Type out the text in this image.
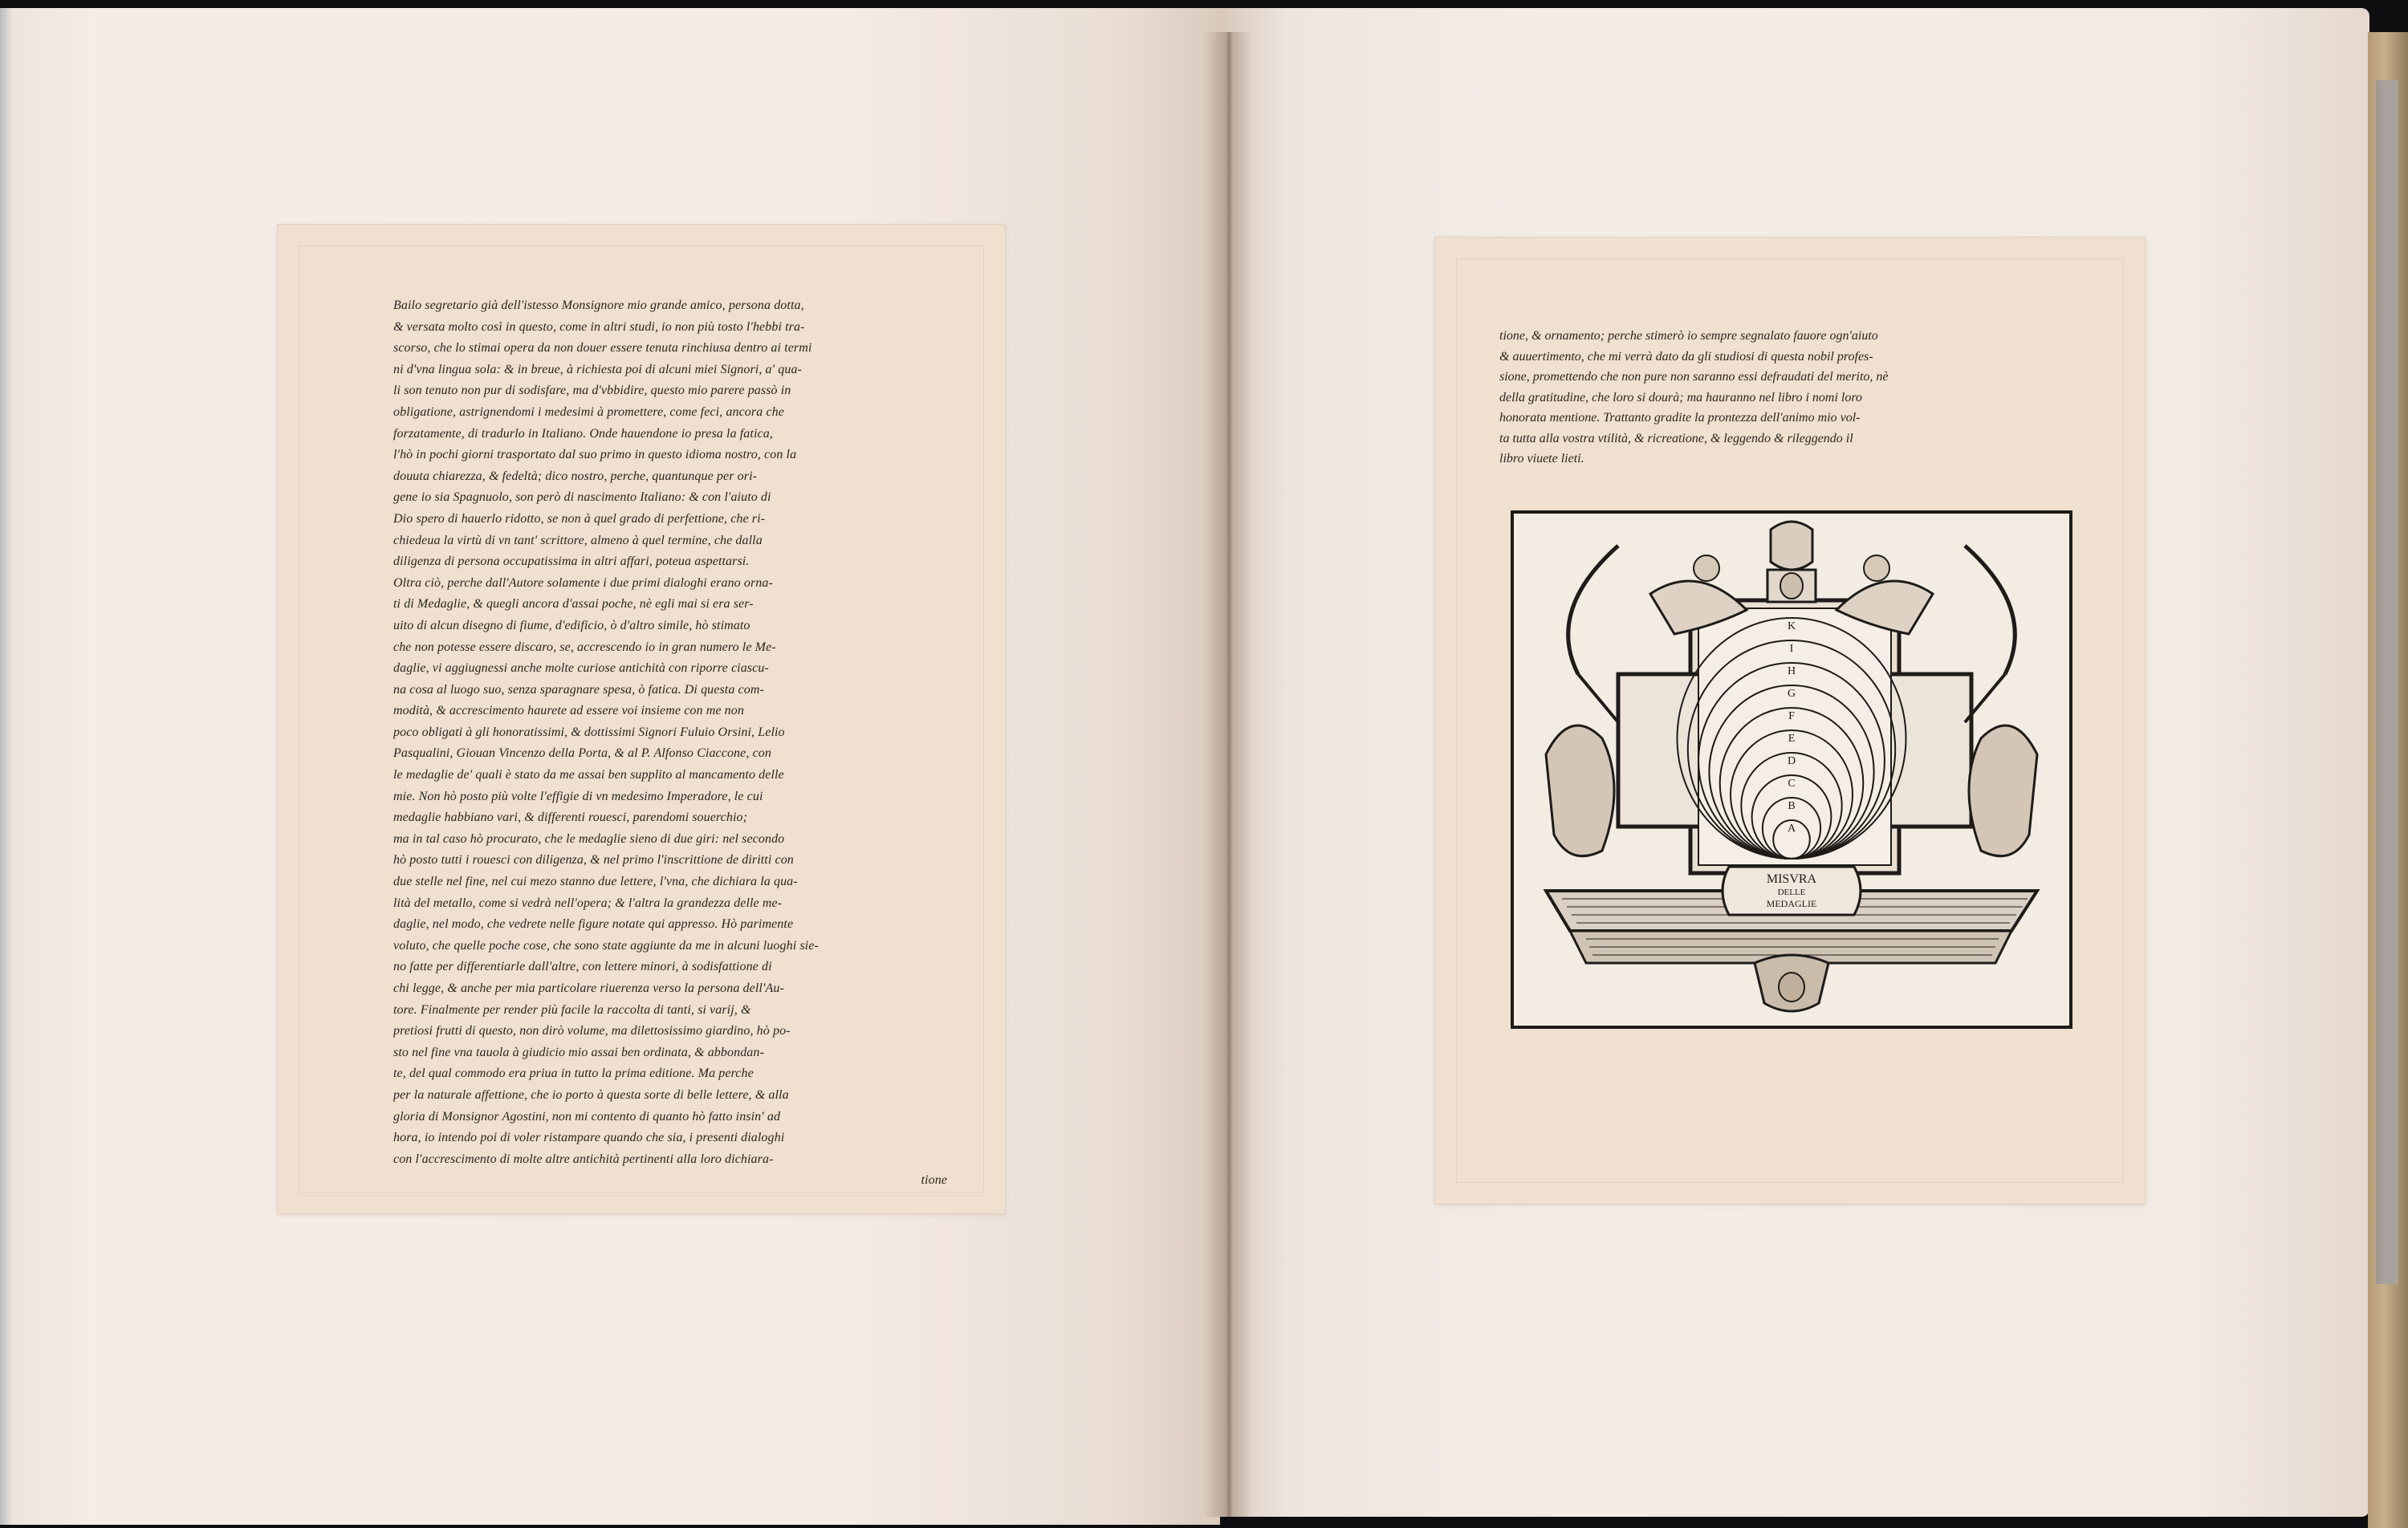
Bailo segretario già dell'istesso Monsignore mio grande amico, persona dotta,
& versata molto così in questo, come in altri studi, io non più tosto l'hebbi tra-
scorso, che lo stimai opera da non douer essere tenuta rinchiusa dentro ai termi
ni d'vna lingua sola: & in breue, à richiesta poi di alcuni miei Signori, a' qua-
li son tenuto non pur di sodisfare, ma d'vbbidire, questo mio parere passò in
obligatione, astrignendomi i medesimi à promettere, come feci, ancora che
forzatamente, di tradurlo in Italiano. Onde hauendone io presa la fatica,
l'hò in pochi giorni trasportato dal suo primo in questo idioma nostro, con la
douuta chiarezza, & fedeltà; dico nostro, perche, quantunque per ori-
gene io sia Spagnuolo, son però di nascimento Italiano: & con l'aiuto di
Dio spero di hauerlo ridotto, se non à quel grado di perfettione, che ri-
chiedeua la virtù di vn tant' scrittore, almeno à quel termine, che dalla
diligenza di persona occupatissima in altri affari, poteua aspettarsi.
Oltra ciò, perche dall'Autore solamente i due primi dialoghi erano orna-
ti di Medaglie, & quegli ancora d'assai poche, nè egli mai si era ser-
uito di alcun disegno di fiume, d'edificio, ò d'altro simile, hò stimato
che non potesse essere discaro, se, accrescendo io in gran numero le Me-
daglie, vi aggiugnessi anche molte curiose antichità con riporre ciascu-
na cosa al luogo suo, senza sparagnare spesa, ò fatica. Di questa com-
modità, & accrescimento haurete ad essere voi insieme con me non
poco obligati à gli honoratissimi, & dottissimi Signori Fuluio Orsini, Lelio
Pasqualini, Giouan Vincenzo della Porta, & al P. Alfonso Ciaccone, con
le medaglie de' quali è stato da me assai ben supplito al mancamento delle
mie. Non hò posto più volte l'effigie di vn medesimo Imperadore, le cui
medaglie habbiano vari, & differenti rouesci, parendomi souerchio;
ma in tal caso hò procurato, che le medaglie sieno di due giri: nel secondo
hò posto tutti i rouesci con diligenza, & nel primo l'inscrittione de diritti con
due stelle nel fine, nel cui mezo stanno due lettere, l'vna, che dichiara la qua-
lità del metallo, come si vedrà nell'opera; & l'altra la grandezza delle me-
daglie, nel modo, che vedrete nelle figure notate qui appresso. Hò parimente
voluto, che quelle poche cose, che sono state aggiunte da me in alcuni luoghi sie-
no fatte per differentiarle dall'altre, con lettere minori, à sodisfattione di
chi legge, & anche per mia particolare riuerenza verso la persona dell'Au-
tore. Finalmente per render più facile la raccolta di tanti, si varij, &
pretiosi frutti di questo, non dirò volume, ma dilettosissimo giardino, hò po-
sto nel fine vna tauola à giudicio mio assai ben ordinata, & abbondan-
te, del qual commodo era priua in tutto la prima editione. Ma perche
per la naturale affettione, che io porto à questa sorte di belle lettere, & alla
gloria di Monsignor Agostini, non mi contento di quanto hò fatto insin' ad
hora, io intendo poi di voler ristampare quando che sia, i presenti dialoghi
con l'accrescimento di molte altre antichità pertinenti alla loro dichiara-
tione
tione, & ornamento; perche stimerò io sempre segnalato fauore ogn'aiuto
& auuertimento, che mi verrà dato da gli studiosi di questa nobil profes-
sione, promettendo che non pure non saranno essi defraudati del merito, nè
della gratitudine, che loro si dourà; ma hauranno nel libro i nomi loro
honorata mentione. Trattanto gradite la prontezza dell'animo mio vol-
ta tutta alla vostra vtilità, & ricreatione, & leggendo & rileggendo il
libro viuete lieti.
K
I
H
G
F
E
D
C
B
A
MISVRA
DELLE
MEDAGLIE
